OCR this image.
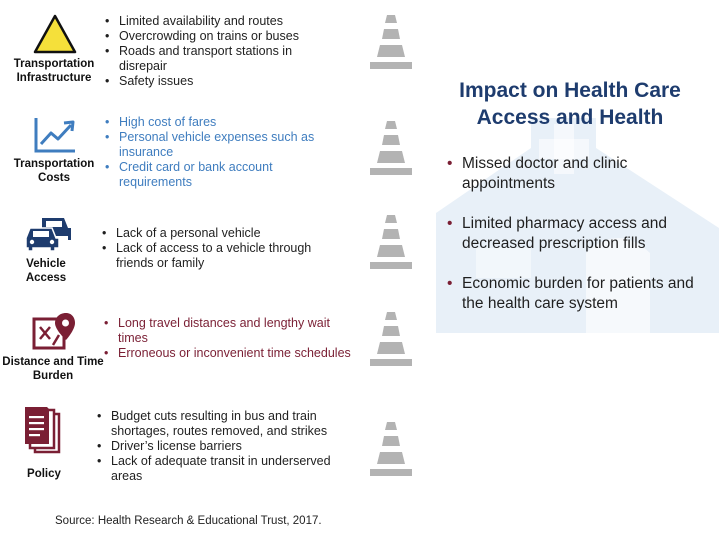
Impact on Health Care Access and Health
• Missed doctor and clinic appointments
• Limited pharmacy access and decreased prescription fills
• Economic burden for patients and the health care system
Transportation Infrastructure
• Limited availability and routes
• Overcrowding on trains or buses
• Roads and transport stations in disrepair
• Safety issues
Transportation Costs
• High cost of fares
• Personal vehicle expenses such as insurance
• Credit card or bank account requirements
Vehicle Access
• Lack of a personal vehicle
• Lack of access to a vehicle through friends or family
Distance and Time Burden
• Long travel distances and lengthy wait times
• Erroneous or inconvenient time schedules
Policy
• Budget cuts resulting in bus and train shortages, routes removed, and strikes
• Driver’s license barriers
• Lack of adequate transit in underserved areas
Source: Health Research & Educational Trust, 2017.
